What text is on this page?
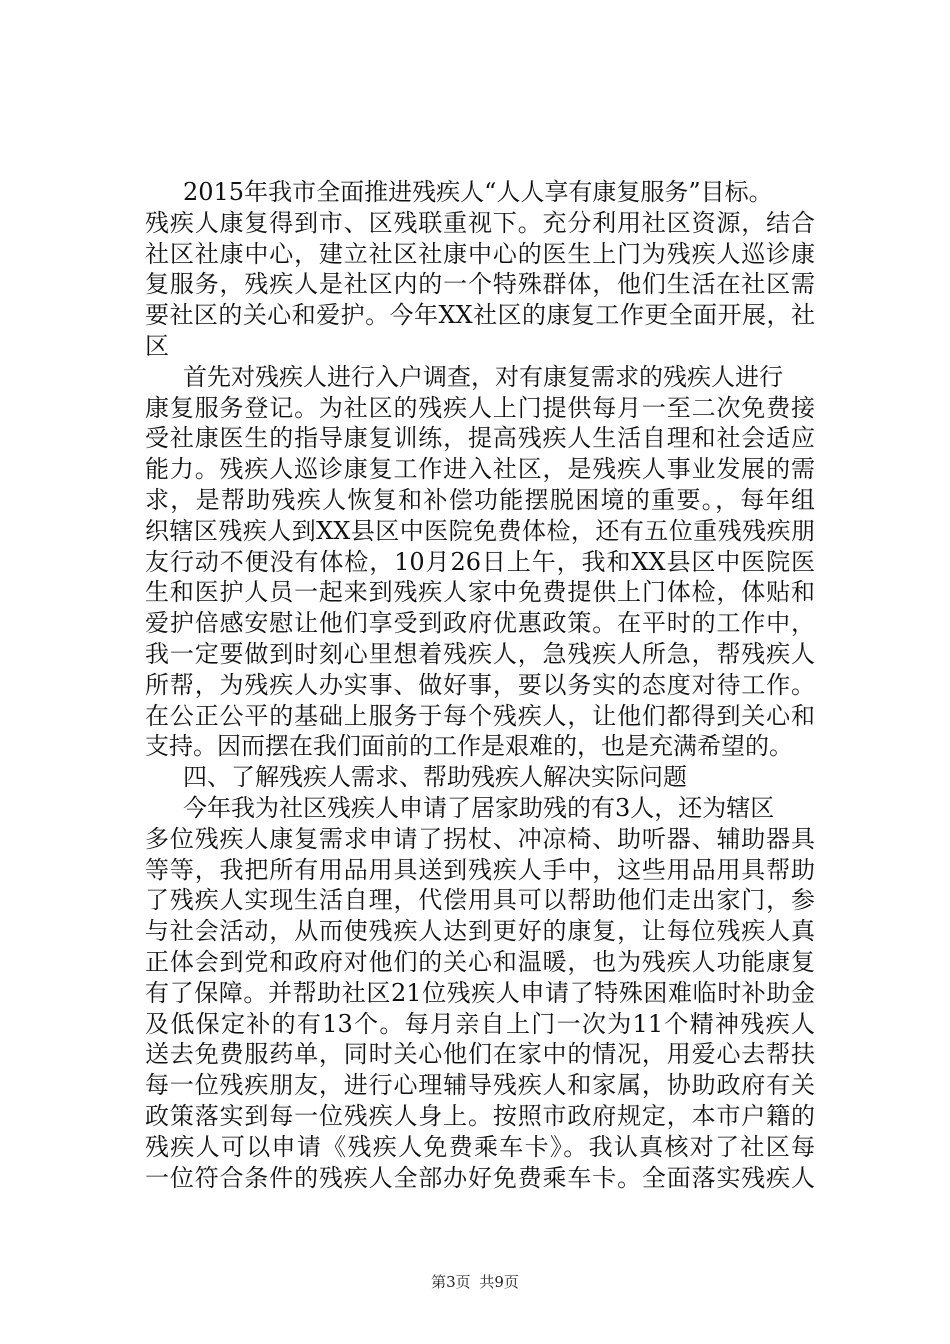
2015年我市全面推进残疾人“人人享有康复服务”目标。
残疾人康复得到市、区残联重视下。充分利用社区资源，结合
社区社康中心，建立社区社康中心的医生上门为残疾人巡诊康
复服务，残疾人是社区内的一个特殊群体，他们生活在社区需
要社区的关心和爱护。今年XX社区的康复工作更全面开展，社
区
首先对残疾人进行入户调查，对有康复需求的残疾人进行
康复服务登记。为社区的残疾人上门提供每月一至二次免费接
受社康医生的指导康复训练，提高残疾人生活自理和社会适应
能力。残疾人巡诊康复工作进入社区，是残疾人事业发展的需
求，是帮助残疾人恢复和补偿功能摆脱困境的重要。，每年组
织辖区残疾人到XX县区中医院免费体检，还有五位重残残疾朋
友行动不便没有体检，10月26日上午，我和XX县区中医院医
生和医护人员一起来到残疾人家中免费提供上门体检，体贴和
爱护倍感安慰让他们享受到政府优惠政策。在平时的工作中，
我一定要做到时刻心里想着残疾人，急残疾人所急，帮残疾人
所帮，为残疾人办实事、做好事，要以务实的态度对待工作。
在公正公平的基础上服务于每个残疾人，让他们都得到关心和
支持。因而摆在我们面前的工作是艰难的，也是充满希望的。
四、了解残疾人需求、帮助残疾人解决实际问题
今年我为社区残疾人申请了居家助残的有3人，还为辖区
多位残疾人康复需求申请了拐杖、冲凉椅、助听器、辅助器具
等等，我把所有用品用具送到残疾人手中，这些用品用具帮助
了残疾人实现生活自理，代偿用具可以帮助他们走出家门，参
与社会活动，从而使残疾人达到更好的康复，让每位残疾人真
正体会到党和政府对他们的关心和温暖，也为残疾人功能康复
有了保障。并帮助社区21位残疾人申请了特殊困难临时补助金
及低保定补的有13个。每月亲自上门一次为11个精神残疾人
送去免费服药单，同时关心他们在家中的情况，用爱心去帮扶
每一位残疾朋友，进行心理辅导残疾人和家属，协助政府有关
政策落实到每一位残疾人身上。按照市政府规定，本市户籍的
残疾人可以申请《残疾人免费乘车卡》。我认真核对了社区每
一位符合条件的残疾人全部办好免费乘车卡。全面落实残疾人
第3页 共9页
